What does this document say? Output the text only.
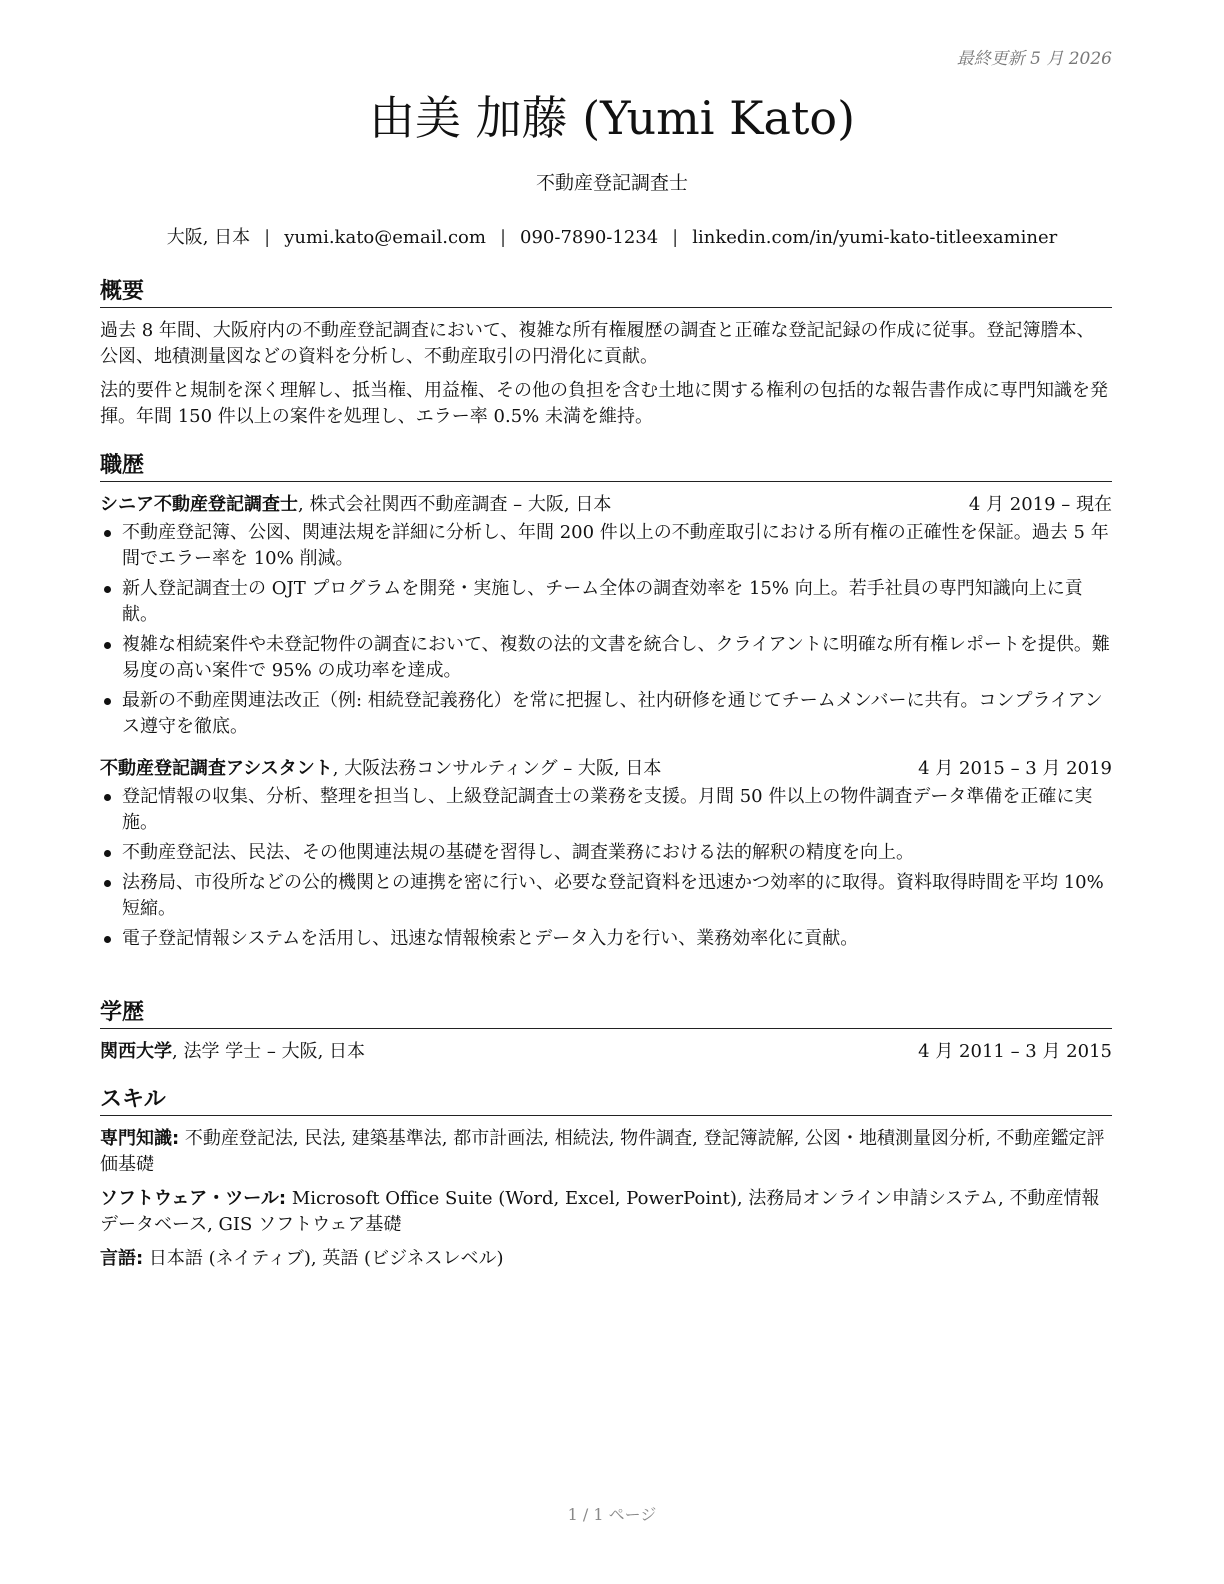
最終更新 5 月 2026
由美 加藤 (Yumi Kato)
不動産登記調査士
大阪, 日本 | yumi.kato@email.com | 090-7890-1234 | linkedin.com/in/yumi-kato-titleexaminer
概要

過去 8 年間、大阪府内の不動産登記調査において、複雑な所有権履歴の調査と正確な登記記録の作成に従事。登記簿謄本、公図、地積測量図などの資料を分析し、不動産取引の円滑化に貢献。

法的要件と規制を深く理解し、抵当権、用益権、その他の負担を含む土地に関する権利の包括的な報告書作成に専門知識を発揮。年間 150 件以上の案件を処理し、エラー率 0.5% 未満を維持。

職歴
シニア不動産登記調査士, 株式会社関西不動産調査 – 大阪, 日本	4 月 2019 – 現在
不動産登記簿、公図、関連法規を詳細に分析し、年間 200 件以上の不動産取引における所有権の正確性を保証。過去 5 年間でエラー率を 10% 削減。
新人登記調査士の OJT プログラムを開発・実施し、チーム全体の調査効率を 15% 向上。若手社員の専門知識向上に貢献。
複雑な相続案件や未登記物件の調査において、複数の法的文書を統合し、クライアントに明確な所有権レポートを提供。難易度の高い案件で 95% の成功率を達成。
最新の不動産関連法改正（例: 相続登記義務化）を常に把握し、社内研修を通じてチームメンバーに共有。コンプライアンス遵守を徹底。
不動産登記調査アシスタント, 大阪法務コンサルティング – 大阪, 日本	4 月 2015 – 3 月 2019
登記情報の収集、分析、整理を担当し、上級登記調査士の業務を支援。月間 50 件以上の物件調査データ準備を正確に実施。
不動産登記法、民法、その他関連法規の基礎を習得し、調査業務における法的解釈の精度を向上。
法務局、市役所などの公的機関との連携を密に行い、必要な登記資料を迅速かつ効率的に取得。資料取得時間を平均 10% 短縮。
電子登記情報システムを活用し、迅速な情報検索とデータ入力を行い、業務効率化に貢献。
学歴
関西大学, 法学 学士 – 大阪, 日本	4 月 2011 – 3 月 2015
スキル

専門知識: 不動産登記法, 民法, 建築基準法, 都市計画法, 相続法, 物件調査, 登記簿読解, 公図・地積測量図分析, 不動産鑑定評価基礎

ソフトウェア・ツール: Microsoft Office Suite (Word, Excel, PowerPoint), 法務局オンライン申請システム, 不動産情報データベース, GIS ソフトウェア基礎

言語: 日本語 (ネイティブ), 英語 (ビジネスレベル)

1 / 1 ページ
